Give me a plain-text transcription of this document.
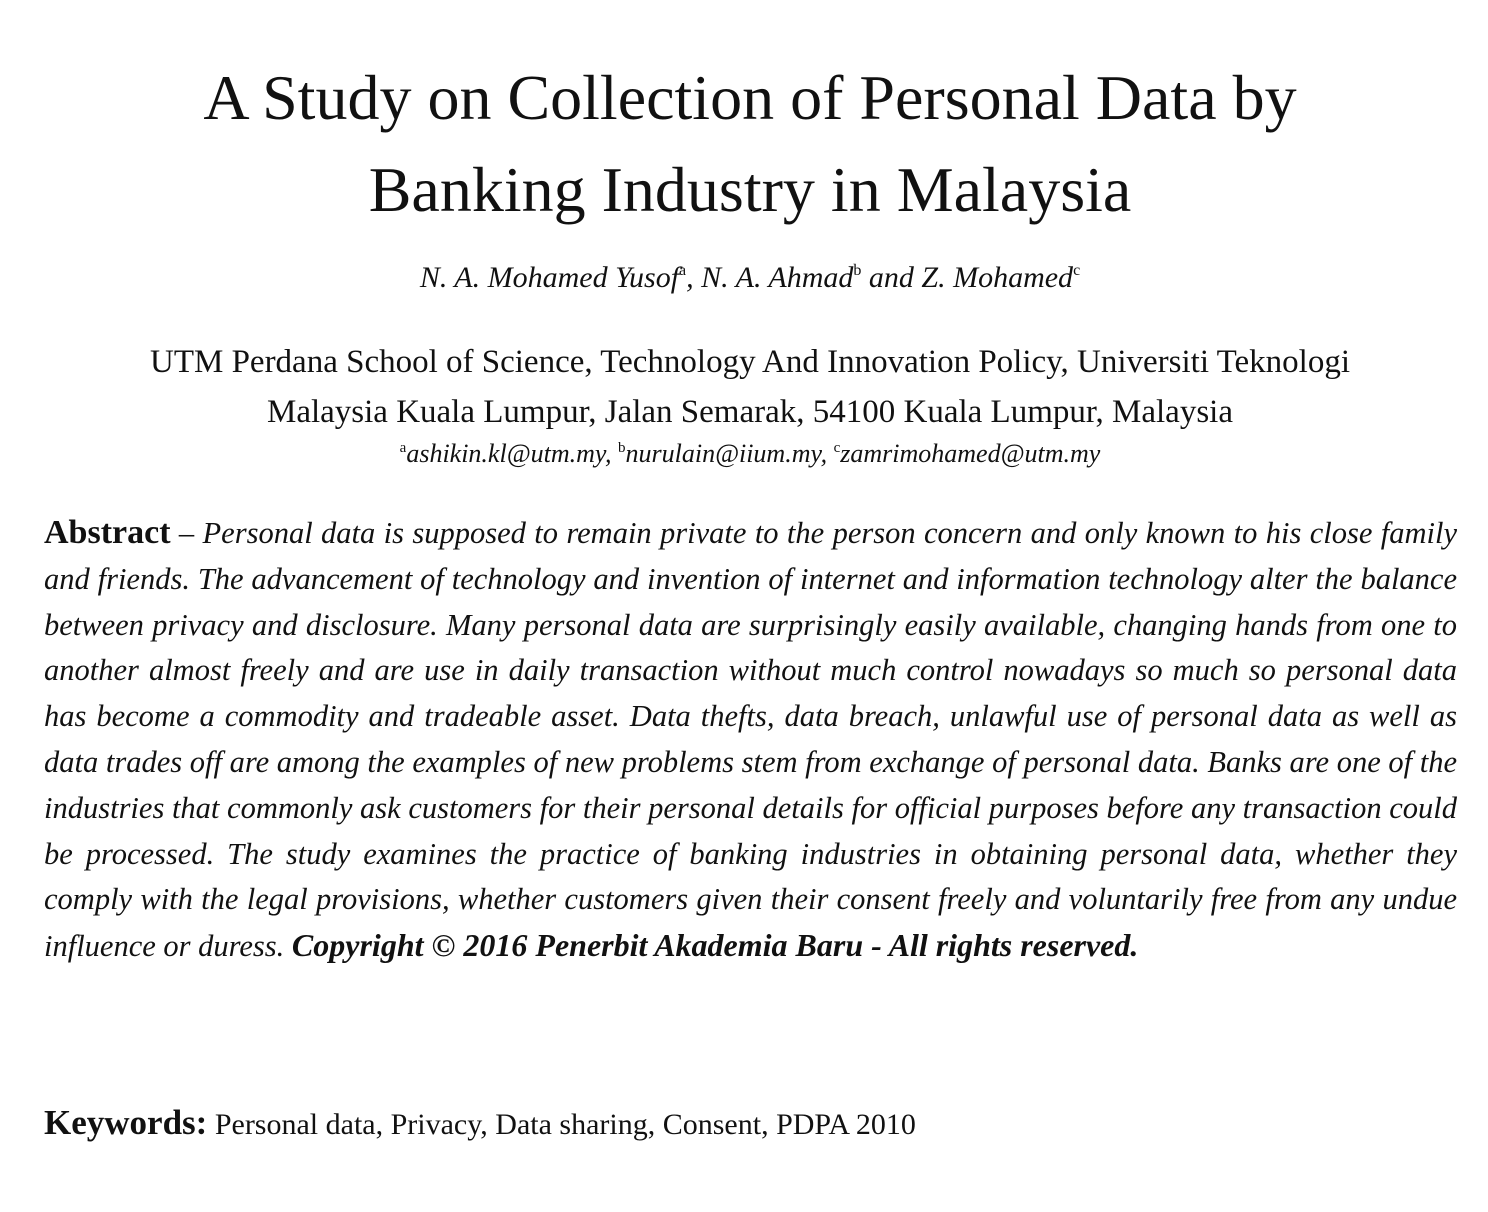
A Study on Collection of Personal Data by
Banking Industry in Malaysia
N. A. Mohamed Yusof$^a$, N. A. Ahmad$^b$ and Z. Mohamed$^c$
UTM Perdana School of Science, Technology And Innovation Policy, Universiti Teknologi
Malaysia Kuala Lumpur, Jalan Semarak, 54100 Kuala Lumpur, Malaysia
$^a$ashikin.kl@utm.my, $^b$nurulain@iium.my, $^c$zamrimohamed@utm.my

Abstract – Personal data is supposed to remain private to the person concern and only known to his close family and friends. The advancement of technology and invention of internet and information technology alter the balance between privacy and disclosure. Many personal data are surprisingly easily available, changing hands from one to another almost freely and are use in daily transaction without much control nowadays so much so personal data has become a commodity and tradeable asset. Data thefts, data breach, unlawful use of personal data as well as data trades off are among the examples of new problems stem from exchange of personal data. Banks are one of the industries that commonly ask customers for their personal details for official purposes before any transaction could be processed. The study examines the practice of banking industries in obtaining personal data, whether they comply with the legal provisions, whether customers given their consent freely and voluntarily free from any undue influence or duress. Copyright © 2016 Penerbit Akademia Baru - All rights reserved.

Keywords: Personal data, Privacy, Data sharing, Consent, PDPA 2010
